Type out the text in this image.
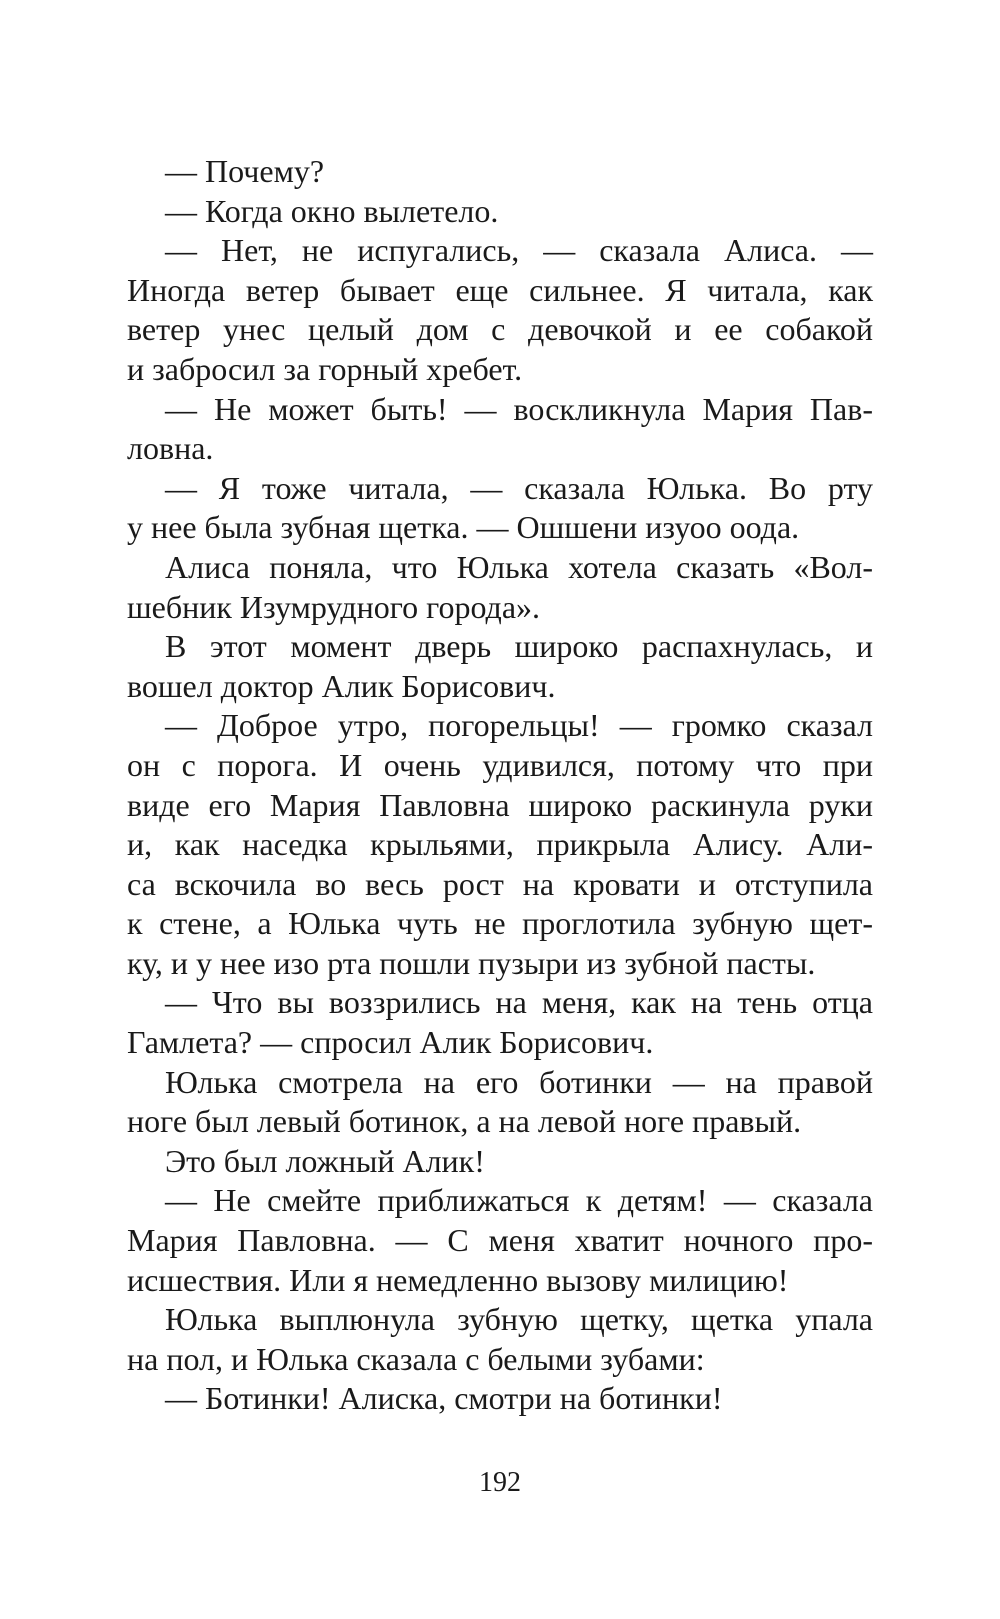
— Почему?
— Когда окно вылетело.
— Нет, не испугались, — сказала Алиса. —
Иногда ветер бывает еще сильнее. Я читала, как
ветер унес целый дом с девочкой и ее собакой
и забросил за горный хребет.
— Не может быть! — воскликнула Мария Пав-
ловна.
— Я тоже читала, — сказала Юлька. Во рту
у нее была зубная щетка. — Ошшени изуоо оода.
Алиса поняла, что Юлька хотела сказать «Вол-
шебник Изумрудного города».
В этот момент дверь широко распахнулась, и
вошел доктор Алик Борисович.
— Доброе утро, погорельцы! — громко сказал
он с порога. И очень удивился, потому что при
виде его Мария Павловна широко раскинула руки
и, как наседка крыльями, прикрыла Алису. Али-
са вскочила во весь рост на кровати и отступила
к стене, а Юлька чуть не проглотила зубную щет-
ку, и у нее изо рта пошли пузыри из зубной пасты.
— Что вы воззрились на меня, как на тень отца
Гамлета? — спросил Алик Борисович.
Юлька смотрела на его ботинки — на правой
ноге был левый ботинок, а на левой ноге правый.
Это был ложный Алик!
— Не смейте приближаться к детям! — сказала
Мария Павловна. — С меня хватит ночного про-
исшествия. Или я немедленно вызову милицию!
Юлька выплюнула зубную щетку, щетка упала
на пол, и Юлька сказала с белыми зубами:
— Ботинки! Алиска, смотри на ботинки!
192
